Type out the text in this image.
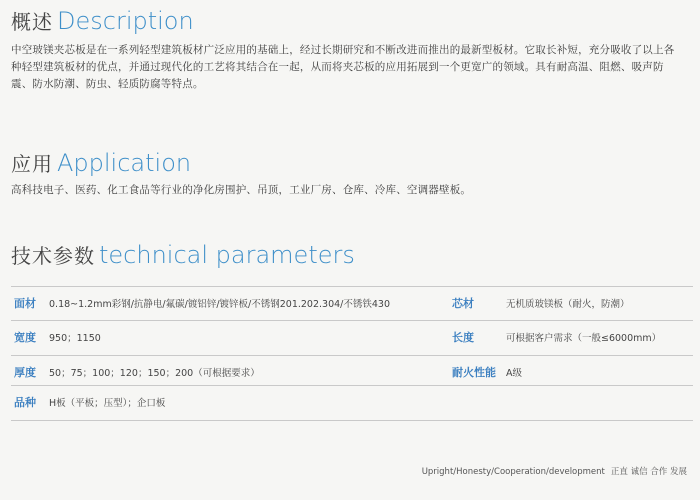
概述 Description
中空玻镁夹芯板是在一系列轻型建筑板材广泛应用的基础上，经过长期研究和不断改进而推出的最新型板材。它取长补短，充分吸收了以上各种轻型建筑板材的优点，并通过现代化的工艺将其结合在一起，从而将夹芯板的应用拓展到一个更宽广的领域。具有耐高温、阻燃、吸声防震、防水防潮、防虫、轻质防腐等特点。
应用 Application
高科技电子、医药、化工食品等行业的净化房围护、吊顶，工业厂房、仓库、冷库、空调器壁板。
技术参数 technical parameters
面材 0.18~1.2mm彩钢/抗静电/氟碳/镀铝锌/镀锌板/不锈钢201.202.304/不锈铁430	芯材	无机质玻镁板（耐火，防潮）
宽度 950；1150	长度	可根据客户需求（一般≤6000mm）
厚度 50；75；100；120；150；200（可根据要求）	耐火性能 A级
品种 H板（平板；压型）；企口板
Upright/Honesty/Cooperation/development 正直 诚信 合作 发展
